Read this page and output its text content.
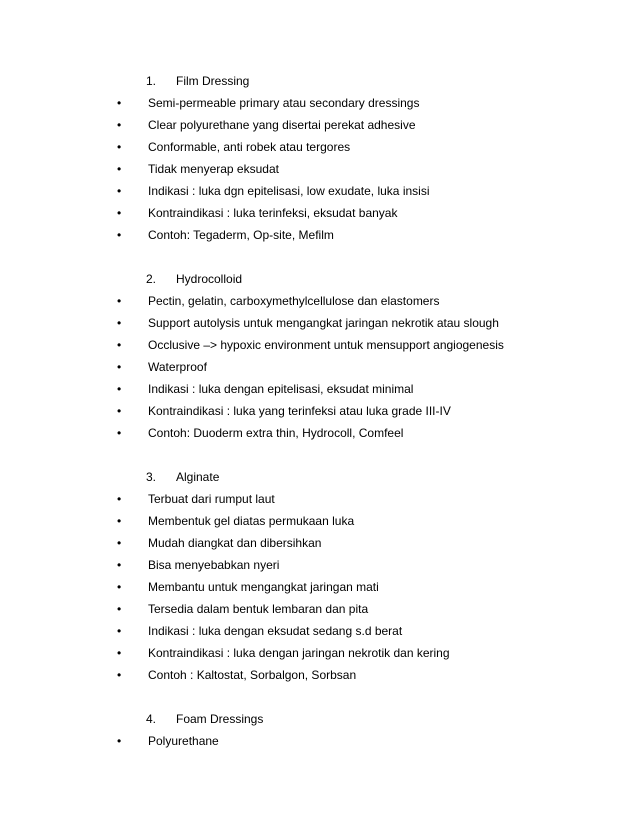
1.	Film Dressing
•	Semi-permeable primary atau secondary dressings
•	Clear polyurethane yang disertai perekat adhesive
•	Conformable, anti robek atau tergores
•	Tidak menyerap eksudat
•	Indikasi : luka dgn epitelisasi, low exudate, luka insisi
•	Kontraindikasi : luka terinfeksi, eksudat banyak
•	Contoh: Tegaderm, Op-site, Mefilm
2.	Hydrocolloid
•	Pectin, gelatin, carboxymethylcellulose dan elastomers
•	Support autolysis untuk mengangkat jaringan nekrotik atau slough
•	Occlusive –> hypoxic environment untuk mensupport angiogenesis
•	Waterproof
•	Indikasi : luka dengan epitelisasi, eksudat minimal
•	Kontraindikasi : luka yang terinfeksi atau luka grade III-IV
•	Contoh: Duoderm extra thin, Hydrocoll, Comfeel
3.	Alginate
•	Terbuat dari rumput laut
•	Membentuk gel diatas permukaan luka
•	Mudah diangkat dan dibersihkan
•	Bisa menyebabkan nyeri
•	Membantu untuk mengangkat jaringan mati
•	Tersedia dalam bentuk lembaran dan pita
•	Indikasi : luka dengan eksudat sedang s.d berat
•	Kontraindikasi : luka dengan jaringan nekrotik dan kering
•	Contoh : Kaltostat, Sorbalgon, Sorbsan
4.	Foam Dressings
•	Polyurethane
